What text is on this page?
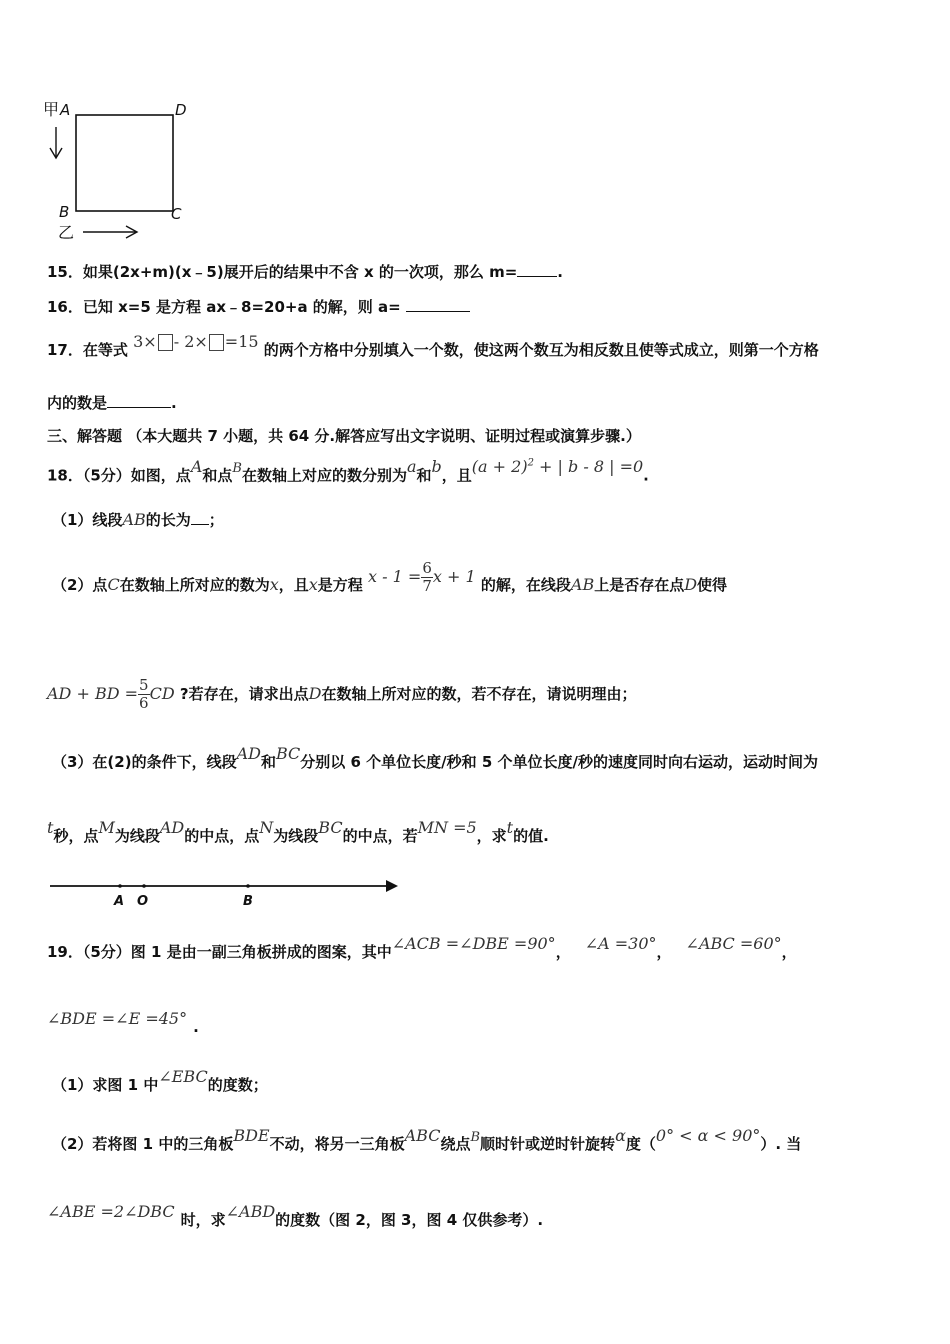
甲 A	D
B	C
乙
15．如果(2x+m)(x﹣5)展开后的结果中不含 x 的一次项，那么 m=	.
16．已知 x=5 是方程 ax﹣8=20+a 的解，则 a=
17．在等式 3× - 2× =15 的两个方格中分别填入一个数，使这两个数互为相反数且使等式成立，则第一个方格
内的数是	.
三、解答题 （本大题共 7 小题，共 64 分.解答应写出文字说明、证明过程或演算步骤.）
18．（5分）如图，点A和点B在数轴上对应的数分别为a和b，且$(a + 2)^2$ + | b - 8 | =0.
（1）线段AB的长为 ；
（2）点C在数轴上所对应的数为x，且x是方程 $x - 1 = \frac{6}{7}$ x + 1 的解，在线段AB上是否存在点D使得
AD + BD = $\frac{5}{6}$ CD ?若存在，请求出点D在数轴上所对应的数，若不存在，请说明理由；
（3）在(2)的条件下，线段AD和BC分别以 6 个单位长度/秒和 5 个单位长度/秒的速度同时向右运动，运动时间为
t秒，点M为线段AD的中点，点N为线段BC的中点，若MN =5，求t的值.
A O	B
19．（5分）图 1 是由一副三角板拼成的图案，其中∠ACB =∠DBE =90°， ∠A =30°， ∠ABC =60°，
∠BDE =∠E =45° .
（1）求图 1 中∠EBC的度数；
（2）若将图 1 中的三角板BDE不动，将另一三角板ABC绕点B顺时针或逆时针旋转α度（0° < α < 90°）. 当
∠ABE =2∠DBC 时，求∠ABD的度数（图 2，图 3，图 4 仅供参考）.
